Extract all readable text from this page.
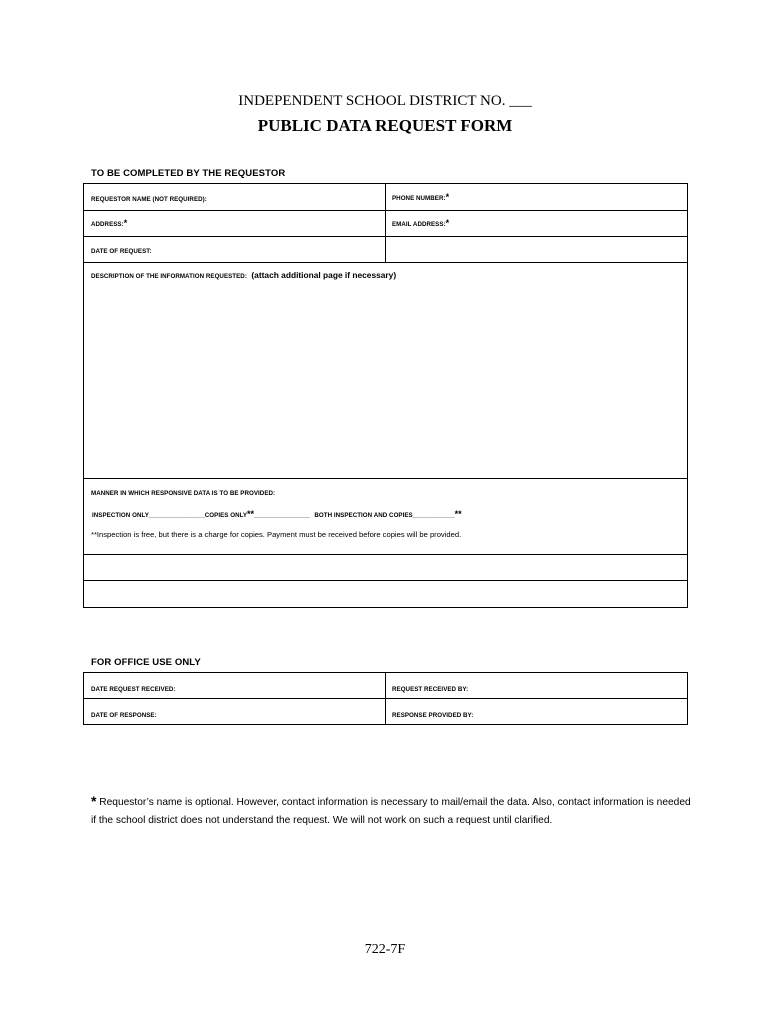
INDEPENDENT SCHOOL DISTRICT NO. ___
PUBLIC DATA REQUEST FORM
TO BE COMPLETED BY THE REQUESTOR
REQUESTOR NAME (NOT REQUIRED):	PHONE NUMBER:*
ADDRESS:*	EMAIL ADDRESS:*
DATE OF REQUEST:
DESCRIPTION OF THE INFORMATION REQUESTED: (attach additional page if necessary)
MANNER IN WHICH RESPONSIVE DATA IS TO BE PROVIDED:
INSPECTION ONLY________________COPIES ONLY**________________ BOTH INSPECTION AND COPIES____________**
**Inspection is free, but there is a charge for copies. Payment must be received before copies will be provided.
FOR OFFICE USE ONLY
DATE REQUEST RECEIVED:	REQUEST RECEIVED BY:
DATE OF RESPONSE:	RESPONSE PROVIDED BY:
* Requestor’s name is optional. However, contact information is necessary to mail/email the data. Also, contact information is needed if the school district does not understand the request. We will not work on such a request until clarified.
722-7F
